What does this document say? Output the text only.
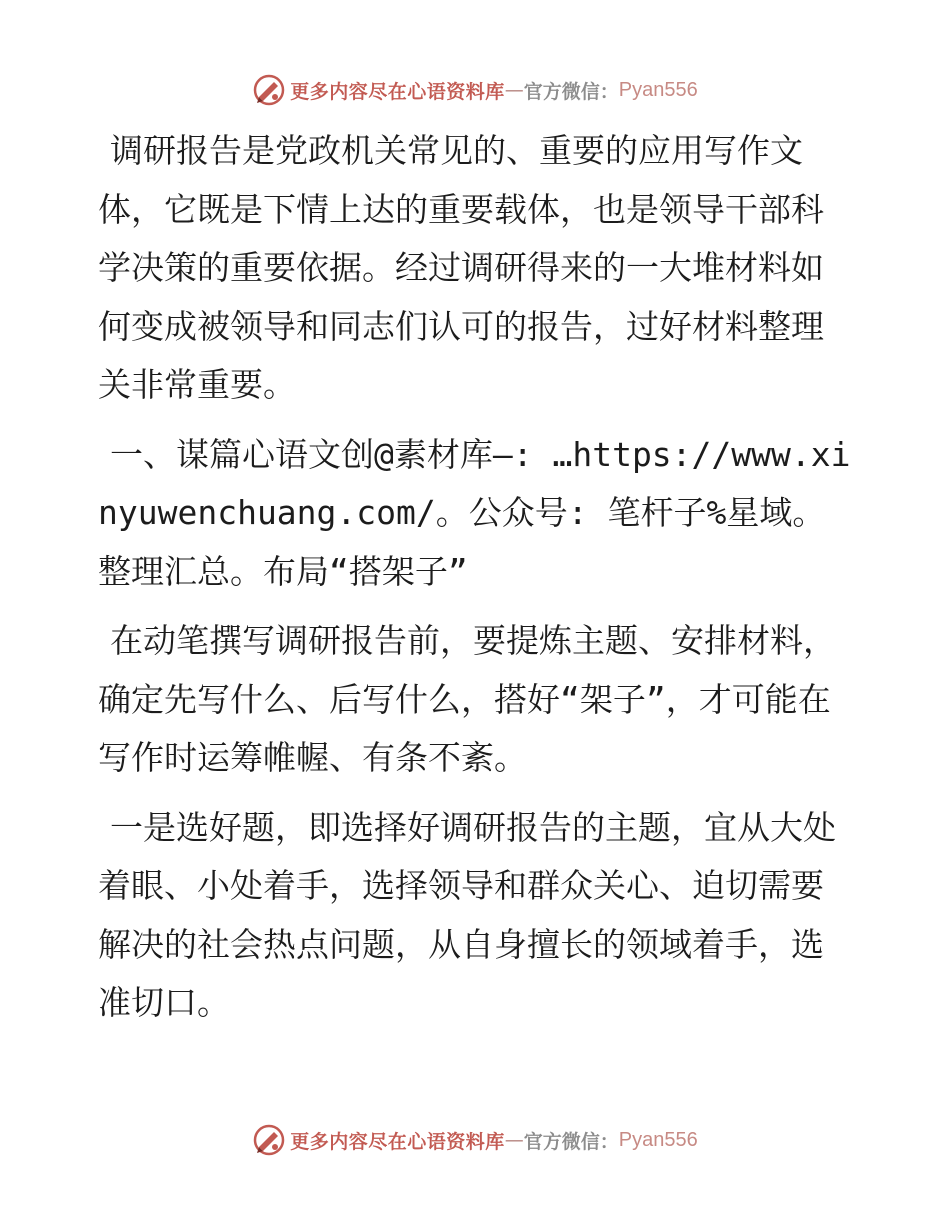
更多内容尽在心语资料库 — 官方微信： Pyan556

调研报告是党政机关常见的、重要的应用写作文体，它既是下情上达的重要载体，也是领导干部科学决策的重要依据。经过调研得来的一大堆材料如何变成被领导和同志们认可的报告，过好材料整理关非常重要。

一、谋篇心语文创@素材库—: …https://www.xinyuwenchuang.com/。公众号: 笔杆子%星域。整理汇总。布局“搭架子”

在动笔撰写调研报告前，要提炼主题、安排材料，确定先写什么、后写什么，搭好“架子”，才可能在写作时运筹帷幄、有条不紊。

一是选好题，即选择好调研报告的主题，宜从大处着眼、小处着手，选择领导和群众关心、迫切需要解决的社会热点问题，从自身擅长的领域着手，选准切口。

更多内容尽在心语资料库 — 官方微信： Pyan556
